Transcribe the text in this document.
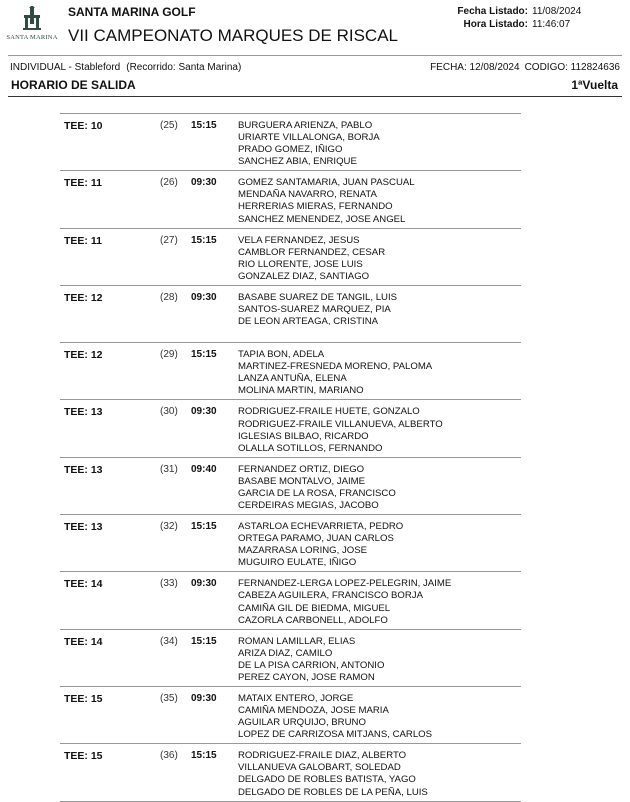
SANTA MARINA
SANTA MARINA GOLF
VII CAMPEONATO MARQUES DE RISCAL
Fecha Listado:
Hora Listado:
11/08/2024
11:46:07
INDIVIDUAL - Stableford (Recorrido: Santa Marina)	FECHA: 12/08/2024 CODIGO: 112824636
HORARIO DE SALIDA	1ªVuelta
TEE: 10	(25) 15:15 BURGUERA ARIENZA, PABLO
URIARTE VILLALONGA, BORJA
PRADO GOMEZ, IÑIGO
SANCHEZ ABIA, ENRIQUE
TEE: 11	(26) 09:30 GOMEZ SANTAMARIA, JUAN PASCUAL
MENDAÑA NAVARRO, RENATA
HERRERIAS MIERAS, FERNANDO
SANCHEZ MENENDEZ, JOSE ANGEL
TEE: 11	(27) 15:15 VELA FERNANDEZ, JESUS
CAMBLOR FERNANDEZ, CESAR
RIO LLORENTE, JOSE LUIS
GONZALEZ DIAZ, SANTIAGO
TEE: 12	(28) 09:30 BASABE SUAREZ DE TANGIL, LUIS
SANTOS-SUAREZ MARQUEZ, PIA
DE LEON ARTEAGA, CRISTINA
TEE: 12	(29) 15:15 TAPIA BON, ADELA
MARTINEZ-FRESNEDA MORENO, PALOMA
LANZA ANTUÑA, ELENA
MOLINA MARTIN, MARIANO
TEE: 13	(30) 09:30 RODRIGUEZ-FRAILE HUETE, GONZALO
RODRIGUEZ-FRAILE VILLANUEVA, ALBERTO
IGLESIAS BILBAO, RICARDO
OLALLA SOTILLOS, FERNANDO
TEE: 13	(31) 09:40 FERNANDEZ ORTIZ, DIEGO
BASABE MONTALVO, JAIME
GARCIA DE LA ROSA, FRANCISCO
CERDEIRAS MEGIAS, JACOBO
TEE: 13	(32) 15:15 ASTARLOA ECHEVARRIETA, PEDRO
ORTEGA PARAMO, JUAN CARLOS
MAZARRASA LORING, JOSE
MUGUIRO EULATE, IÑIGO
TEE: 14	(33) 09:30 FERNANDEZ-LERGA LOPEZ-PELEGRIN, JAIME
CABEZA AGUILERA, FRANCISCO BORJA
CAMIÑA GIL DE BIEDMA, MIGUEL
CAZORLA CARBONELL, ADOLFO
TEE: 14	(34) 15:15 ROMAN LAMILLAR, ELIAS
ARIZA DIAZ, CAMILO
DE LA PISA CARRION, ANTONIO
PEREZ CAYON, JOSE RAMON
TEE: 15	(35) 09:30 MATAIX ENTERO, JORGE
CAMIÑA MENDOZA, JOSE MARIA
AGUILAR URQUIJO, BRUNO
LOPEZ DE CARRIZOSA MITJANS, CARLOS
TEE: 15	(36) 15:15 RODRIGUEZ-FRAILE DIAZ, ALBERTO
VILLANUEVA GALOBART, SOLEDAD
DELGADO DE ROBLES BATISTA, YAGO
DELGADO DE ROBLES DE LA PEÑA, LUIS
